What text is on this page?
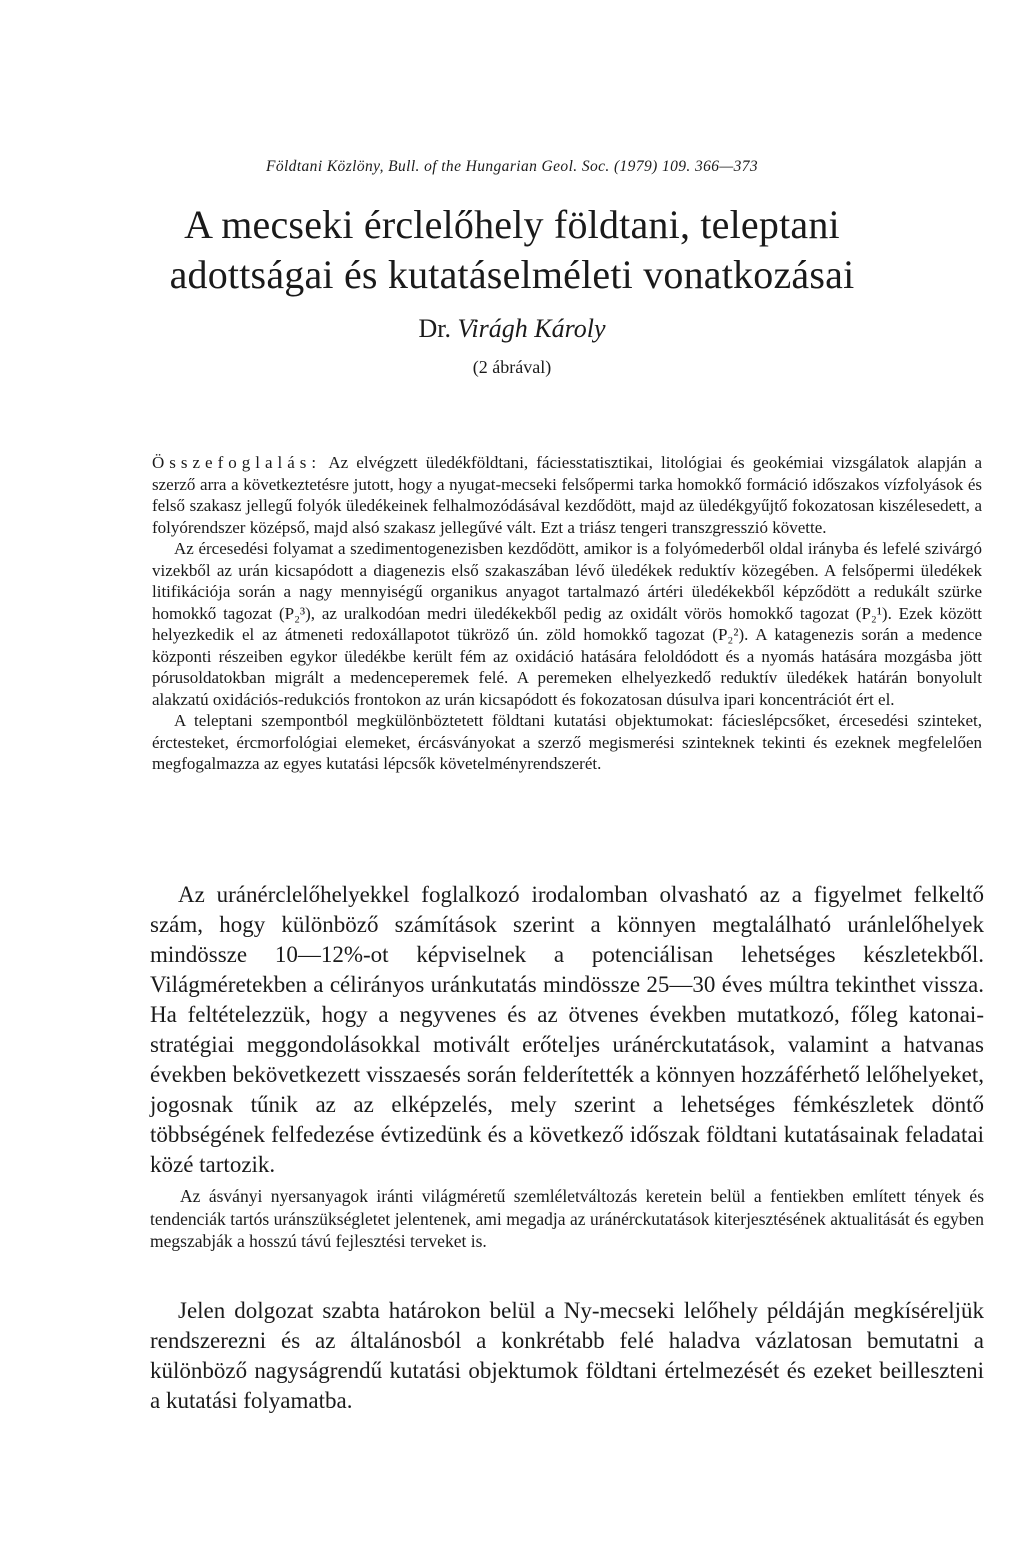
Földtani Közlöny, Bull. of the Hungarian Geol. Soc. (1979) 109. 366—373
A mecseki érclelőhely földtani, teleptani
adottságai és kutatáselméleti vonatkozásai
Dr. Virágh Károly
(2 ábrával)

Összefoglalás: Az elvégzett üledékföldtani, fáciesstatisztikai, litológiai és geokémiai vizsgálatok alapján a szerző arra a következtetésre jutott, hogy a nyugat-mecseki felsőpermi tarka homokkő formáció időszakos vízfolyások és felső szakasz jellegű folyók üledékeinek felhalmozódásával kezdődött, majd az üledékgyűjtő fokozatosan kiszélesedett, a folyórendszer középső, majd alsó szakasz jellegűvé vált. Ezt a triász tengeri transzgresszió követte.

Az ércesedési folyamat a szedimentogenezisben kezdődött, amikor is a folyómederből oldal irányba és lefelé szivárgó vizekből az urán kicsapódott a diagenezis első szakaszában lévő üledékek reduktív közegében. A felsőpermi üledékek litifikációja során a nagy mennyiségű organikus anyagot tartalmazó ártéri üledékekből képződött a redukált szürke homokkő tagozat (P₂³), az uralkodóan medri üledékekből pedig az oxidált vörös homokkő tagozat (P₂¹). Ezek között helyezkedik el az átmeneti redoxállapotot tükröző ún. zöld homokkő tagozat (P₂²). A katagenezis során a medence központi részeiben egykor üledékbe került fém az oxidáció hatására feloldódott és a nyomás hatására mozgásba jött pórusoldatokban migrált a medenceperemek felé. A peremeken elhelyezkedő reduktív üledékek határán bonyolult alakzatú oxidációs-redukciós frontokon az urán kicsapódott és fokozatosan dúsulva ipari koncentrációt ért el.

A teleptani szempontból megkülönböztetett földtani kutatási objektumokat: fácieslépcsőket, ércesedési szinteket, érctesteket, ércmorfológiai elemeket, ércásványokat a szerző megismerési szinteknek tekinti és ezeknek megfelelően megfogalmazza az egyes kutatási lépcsők követelményrendszerét.

Az uránérclelőhelyekkel foglalkozó irodalomban olvasható az a figyelmet felkeltő szám, hogy különböző számítások szerint a könnyen megtalálható uránlelőhelyek mindössze 10—12%-ot képviselnek a potenciálisan lehetséges készletekből. Világméretekben a célirányos uránkutatás mindössze 25—30 éves múltra tekinthet vissza. Ha feltételezzük, hogy a negyvenes és az ötvenes években mutatkozó, főleg katonai-stratégiai meggondolásokkal motivált erőteljes uránérckutatások, valamint a hatvanas években bekövetkezett visszaesés során felderítették a könnyen hozzáférhető lelőhelyeket, jogosnak tűnik az az elképzelés, mely szerint a lehetséges fémkészletek döntő többségének felfedezése évtizedünk és a következő időszak földtani kutatásainak feladatai közé tartozik.

Az ásványi nyersanyagok iránti világméretű szemléletváltozás keretein belül a fentiekben említett tények és tendenciák tartós uránszükségletet jelentenek, ami megadja az uránérckutatások kiterjesztésének aktualitását és egyben megszabják a hosszú távú fejlesztési terveket is.

Jelen dolgozat szabta határokon belül a Ny-mecseki lelőhely példáján megkíséreljük rendszerezni és az általánosból a konkrétabb felé haladva vázlatosan bemutatni a különböző nagyságrendű kutatási objektumok földtani értelmezését és ezeket beilleszteni a kutatási folyamatba.
